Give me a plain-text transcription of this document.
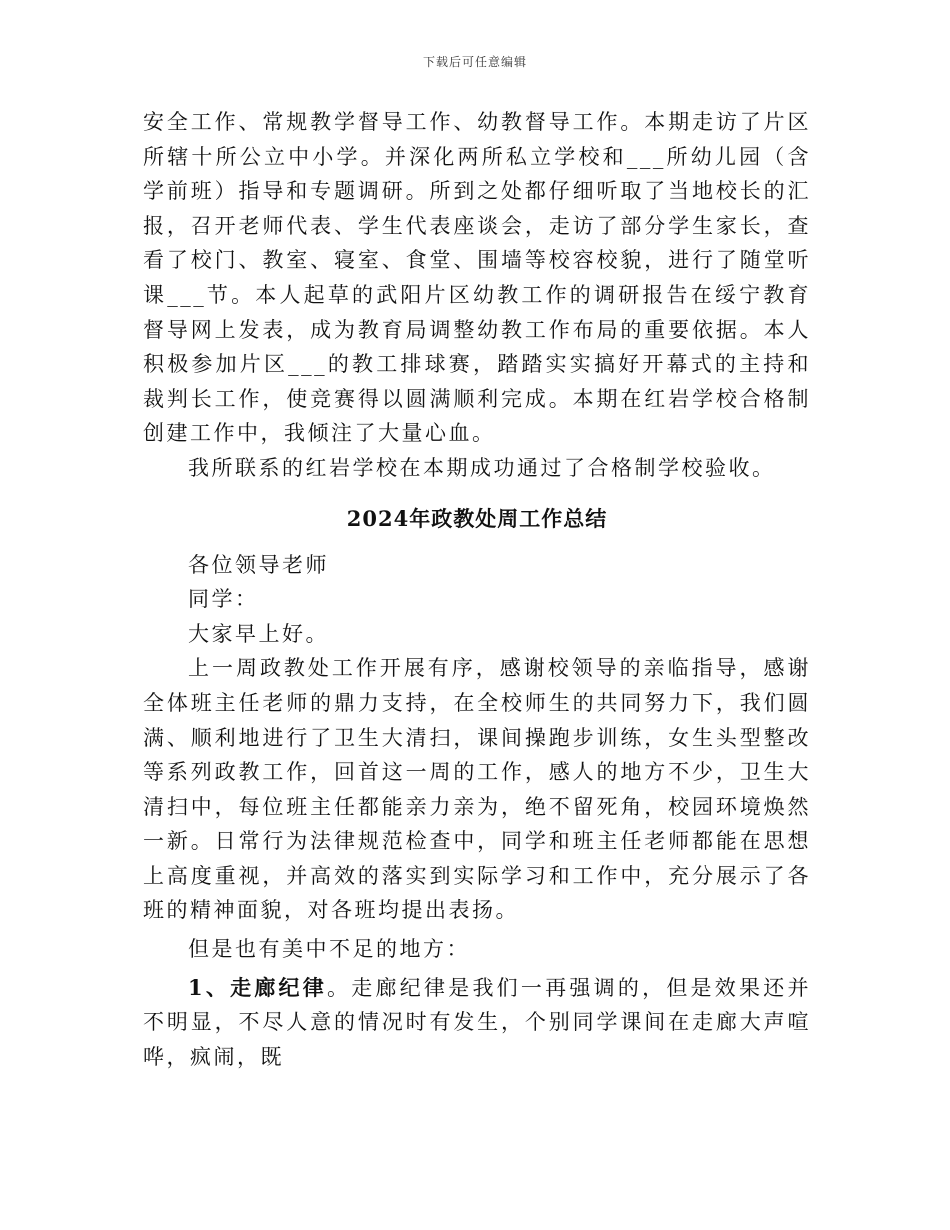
下载后可任意编辑

安全工作、常规教学督导工作、幼教督导工作。本期走访了片区所辖十所公立中小学。并深化两所私立学校和___所幼儿园（含学前班）指导和专题调研。所到之处都仔细听取了当地校长的汇报，召开老师代表、学生代表座谈会，走访了部分学生家长，查看了校门、教室、寝室、食堂、围墙等校容校貌，进行了随堂听课___节。本人起草的武阳片区幼教工作的调研报告在绥宁教育督导网上发表，成为教育局调整幼教工作布局的重要依据。本人积极参加片区___的教工排球赛，踏踏实实搞好开幕式的主持和裁判长工作，使竞赛得以圆满顺利完成。本期在红岩学校合格制创建工作中，我倾注了大量心血。

我所联系的红岩学校在本期成功通过了合格制学校验收。

2024年政教处周工作总结

各位领导老师

同学：

大家早上好。

上一周政教处工作开展有序，感谢校领导的亲临指导，感谢全体班主任老师的鼎力支持，在全校师生的共同努力下，我们圆满、顺利地进行了卫生大清扫，课间操跑步训练，女生头型整改等系列政教工作，回首这一周的工作，感人的地方不少，卫生大清扫中，每位班主任都能亲力亲为，绝不留死角，校园环境焕然一新。日常行为法律规范检查中，同学和班主任老师都能在思想上高度重视，并高效的落实到实际学习和工作中，充分展示了各班的精神面貌，对各班均提出表扬。

但是也有美中不足的地方：

1、走廊纪律。走廊纪律是我们一再强调的，但是效果还并不明显，不尽人意的情况时有发生，个别同学课间在走廊大声喧哗，疯闹，既
